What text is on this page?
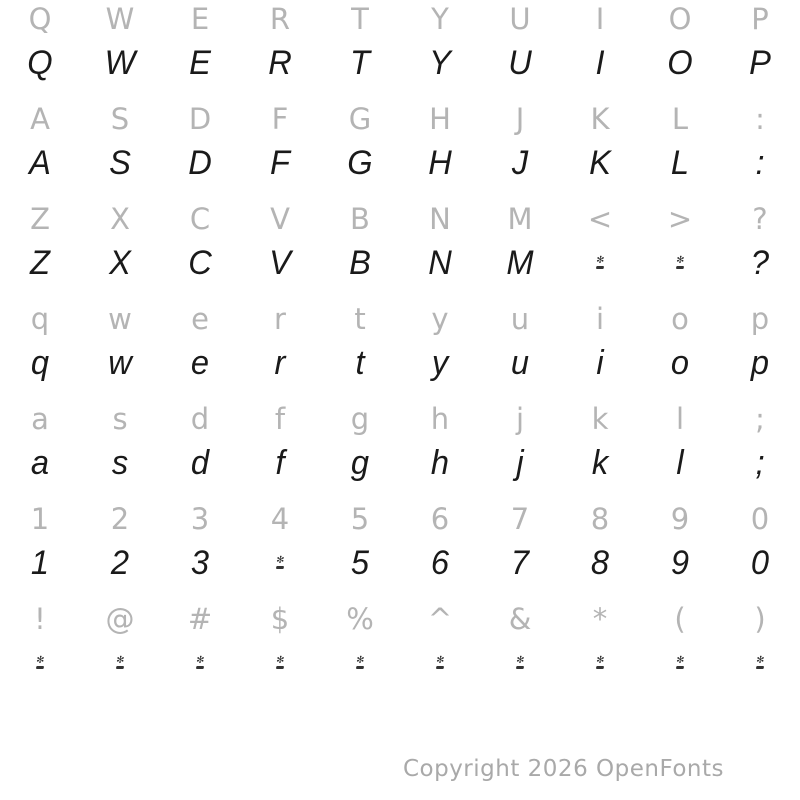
Q	W	E	R	T	Y	U	I	O	P
Q	W	E	R	T	Y	U	I	O	P
A	S	D	F	G	H	J	K	L	:
A	S	D	F	G	H	J	K	L	:
Z	X	C	V	B	N	M	<	>	?
Z	X	C	V	B	N	M	✻	✻	?
q	w	e	r	t	y	u	i	o	p
q	w	e	r	t	y	u	i	o	p
a	s	d	f	g	h	j	k	l	;
a	s	d	f	g	h	j	k	l	;
1	2	3	4	5	6	7	8	9	0
1	2	3	✻	5	6	7	8	9	0
!	@	#	$	%	^	&	*	(	)
✻	✻	✻	✻	✻	✻	✻	✻	✻	✻
Copyright 2026 OpenFonts
